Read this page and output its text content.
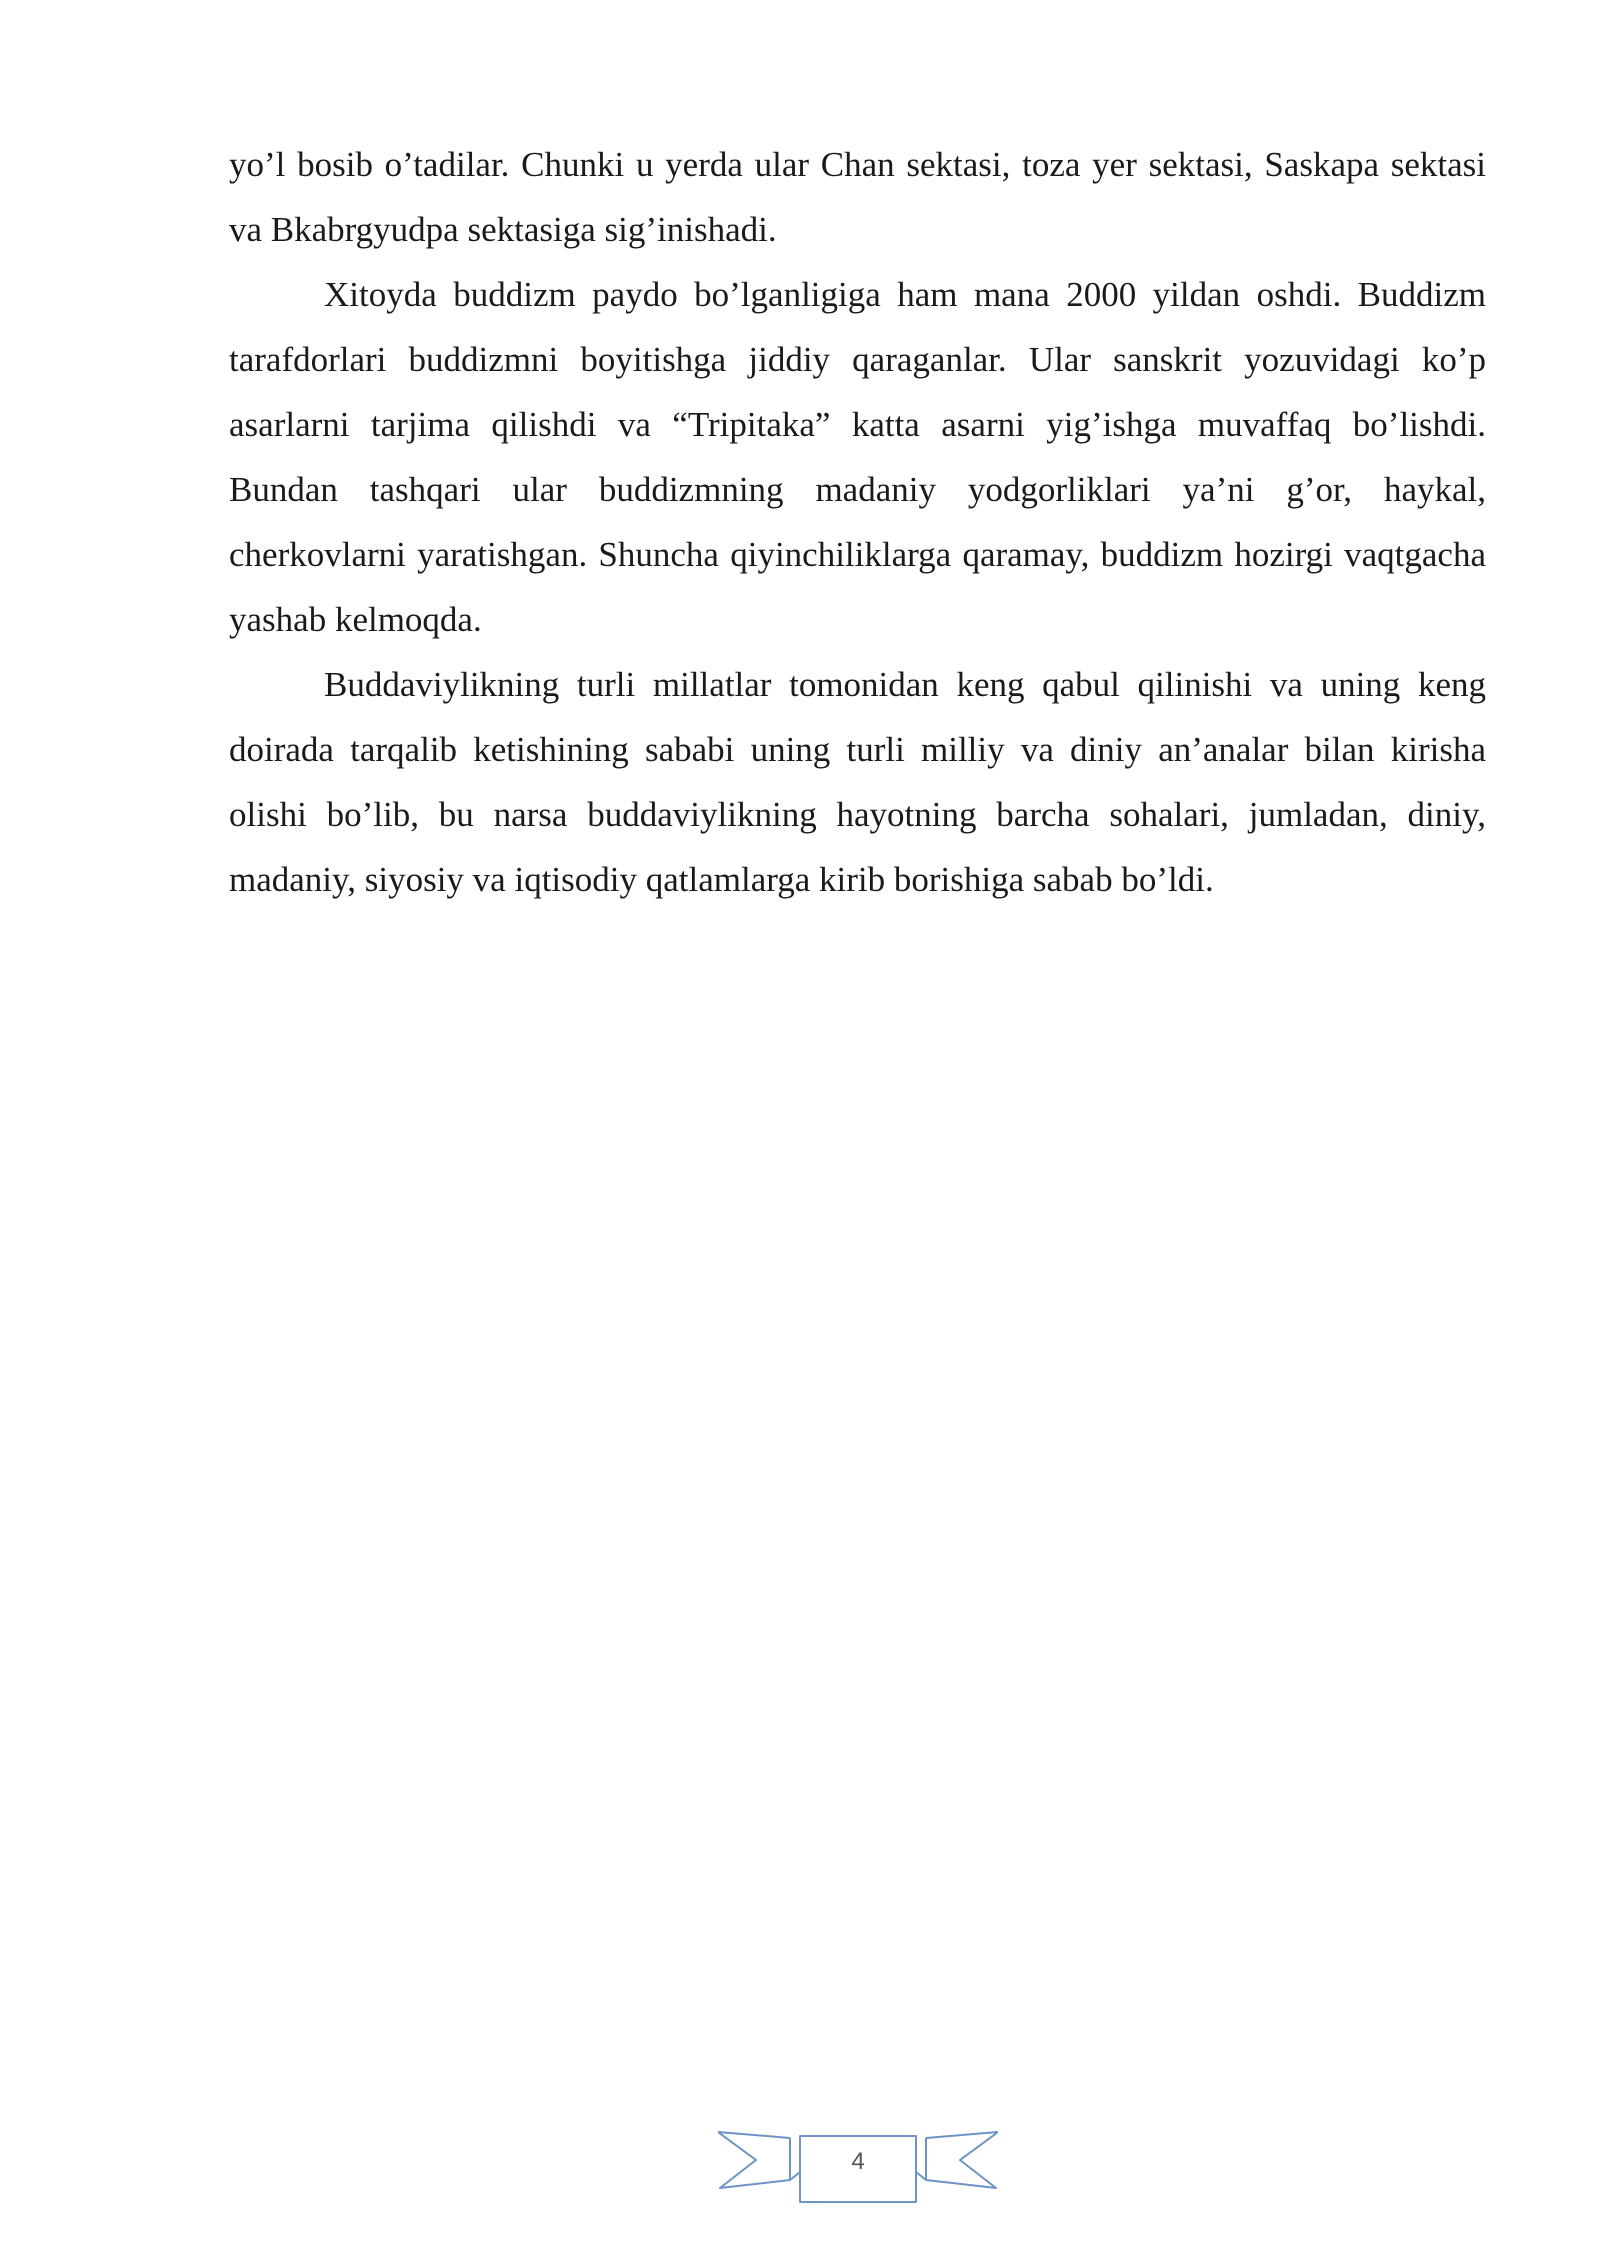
yo’l bosib o’tadilar. Chunki u yerda ular Chan sektasi, toza yer sektasi, Saskapa sektasi va Bkabrgyudpa sektasiga sig’inishadi.

Xitoyda buddizm paydo bo’lganligiga ham mana 2000 yildan oshdi. Buddizm tarafdorlari buddizmni boyitishga jiddiy qaraganlar. Ular sanskrit yozuvidagi ko’p asarlarni tarjima qilishdi va “Tripitaka” katta asarni yig’ishga muvaffaq bo’lishdi. Bundan tashqari ular buddizmning madaniy yodgorliklari ya’ni g’or, haykal, cherkovlarni yaratishgan. Shuncha qiyinchiliklarga qaramay, buddizm hozirgi vaqtgacha yashab kelmoqda.

Buddaviylikning turli millatlar tomonidan keng qabul qilinishi va uning keng doirada tarqalib ketishining sababi uning turli milliy va diniy an’analar bilan kirisha olishi bo’lib, bu narsa buddaviylikning hayotning barcha sohalari, jumladan, diniy, madaniy, siyosiy va iqtisodiy qatlamlarga kirib borishiga sabab bo’ldi.

4
